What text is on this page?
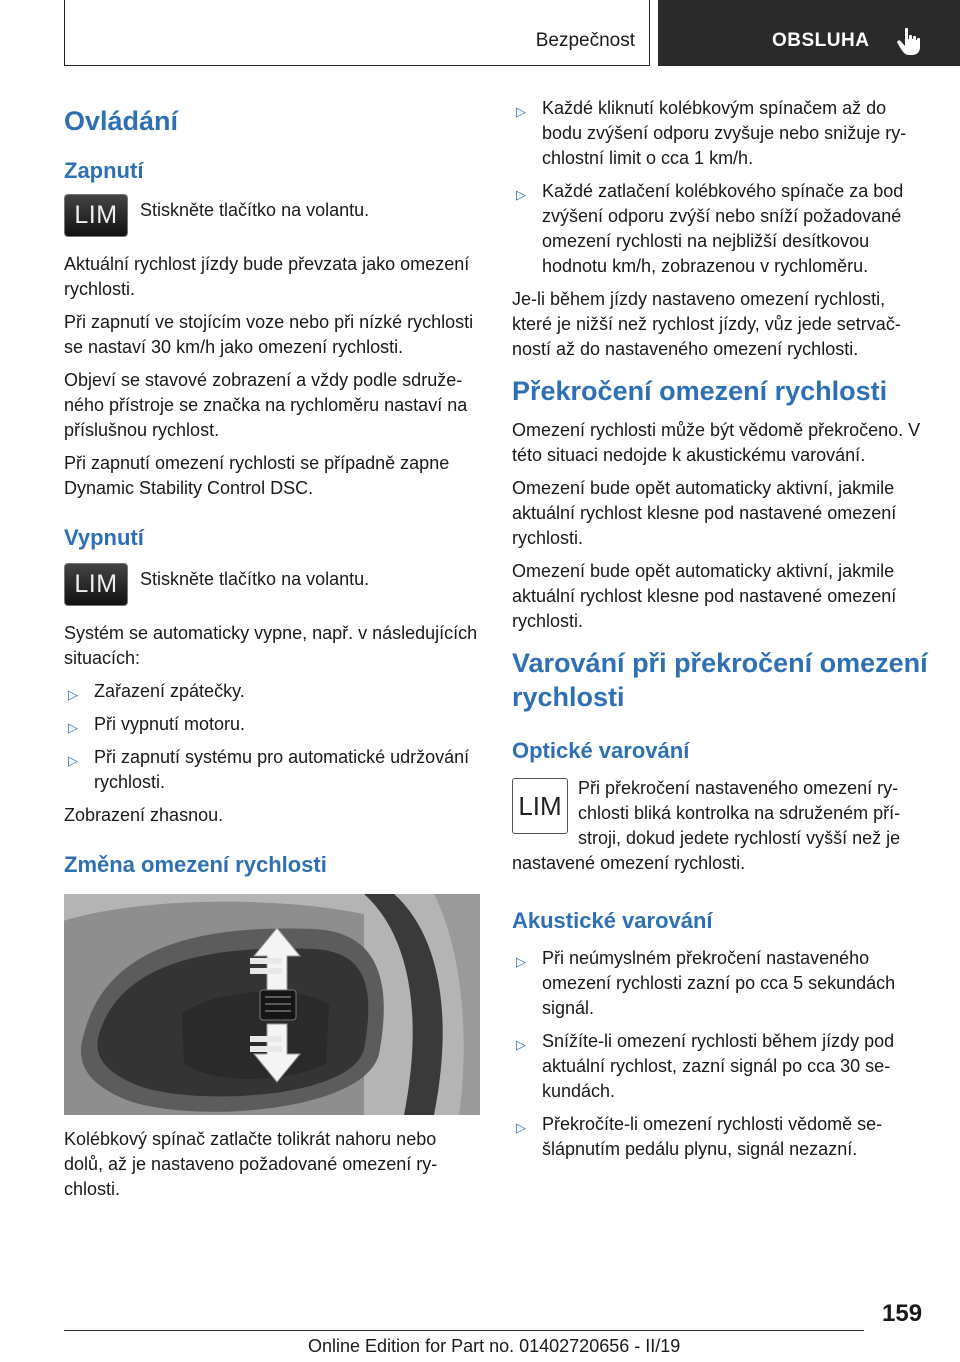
Bezpečnost	OBSLUHA
Ovládání
Zapnutí
LIM	Stiskněte tlačítko na volantu.

Aktuální rychlost jízdy bude převzata jako omezení rychlosti.

Při zapnutí ve stojícím voze nebo při nízké rychlosti se nastaví 30 km/h jako omezení rychlosti.

Objeví se stavové zobrazení a vždy podle sdruženého přístroje se značka na rychloměru nastaví na příslušnou rychlost.

Při zapnutí omezení rychlosti se případně zapne Dynamic Stability Control DSC.

Vypnutí
LIM	Stiskněte tlačítko na volantu.

Systém se automaticky vypne, např. v následujících situacích:

▷ Zařazení zpátečky.
▷ Při vypnutí motoru.
▷ Při zapnutí systému pro automatické udržování rychlosti.

Zobrazení zhasnou.

Změna omezení rychlosti

Kolébkový spínač zatlačte tolikrát nahoru nebo dolů, až je nastaveno požadované omezení rychlosti.

▷ Každé kliknutí kolébkovým spínačem až do bodu zvýšení odporu zvyšuje nebo snižuje rychlostní limit o cca 1 km/h.
▷ Každé zatlačení kolébkového spínače za bod zvýšení odporu zvýší nebo sníží požadované omezení rychlosti na nejbližší desítkovou hodnotu km/h, zobrazenou v rychloměru.

Je-li během jízdy nastaveno omezení rychlosti, které je nižší než rychlost jízdy, vůz jede setrvačností až do nastaveného omezení rychlosti.

Překročení omezení rychlosti

Omezení rychlosti může být vědomě překročeno. V této situaci nedojde k akustickému varování.

Omezení bude opět automaticky aktivní, jakmile aktuální rychlost klesne pod nastavené omezení rychlosti.

Omezení bude opět automaticky aktivní, jakmile aktuální rychlost klesne pod nastavené omezení rychlosti.

Varování při překročení omezení rychlosti
Optické varování
LIM

Při překročení nastaveného omezení rychlosti bliká kontrolka na sdruženém přístroji, dokud jedete rychlostí vyšší než je nastavené omezení rychlosti.

Akustické varování
▷ Při neúmyslném překročení nastaveného omezení rychlosti zazní po cca 5 sekundách signál.
▷ Snížíte-li omezení rychlosti během jízdy pod aktuální rychlost, zazní signál po cca 30 sekundách.
▷ Překročíte-li omezení rychlosti vědomě sešlápnutím pedálu plynu, signál nezazní.
159
Online Edition for Part no. 01402720656 - II/19
